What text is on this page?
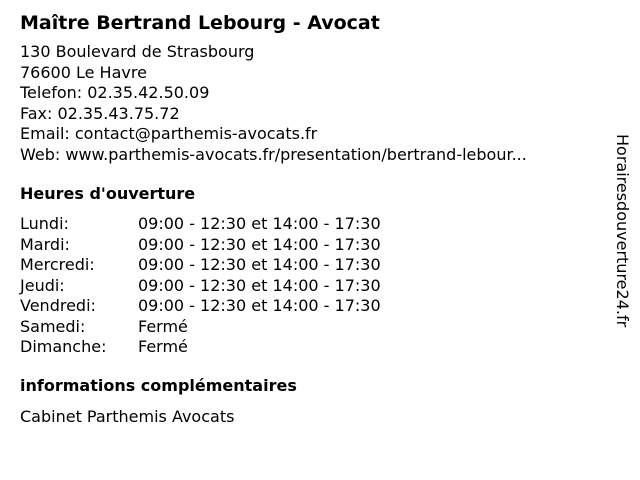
Maître Bertrand Lebourg - Avocat
130 Boulevard de Strasbourg
76600 Le Havre
Telefon: 02.35.42.50.09
Fax: 02.35.43.75.72
Email: contact@parthemis-avocats.fr
Web: www.parthemis-avocats.fr/presentation/bertrand-lebour...
Heures d'ouverture
Lundi:	09:00 - 12:30 et 14:00 - 17:30
Mardi:	09:00 - 12:30 et 14:00 - 17:30
Mercredi:	09:00 - 12:30 et 14:00 - 17:30
Jeudi:	09:00 - 12:30 et 14:00 - 17:30
Vendredi:	09:00 - 12:30 et 14:00 - 17:30
Samedi:	Fermé
Dimanche:	Fermé
informations complémentaires
Cabinet Parthemis Avocats
Horairesdouverture24.fr
